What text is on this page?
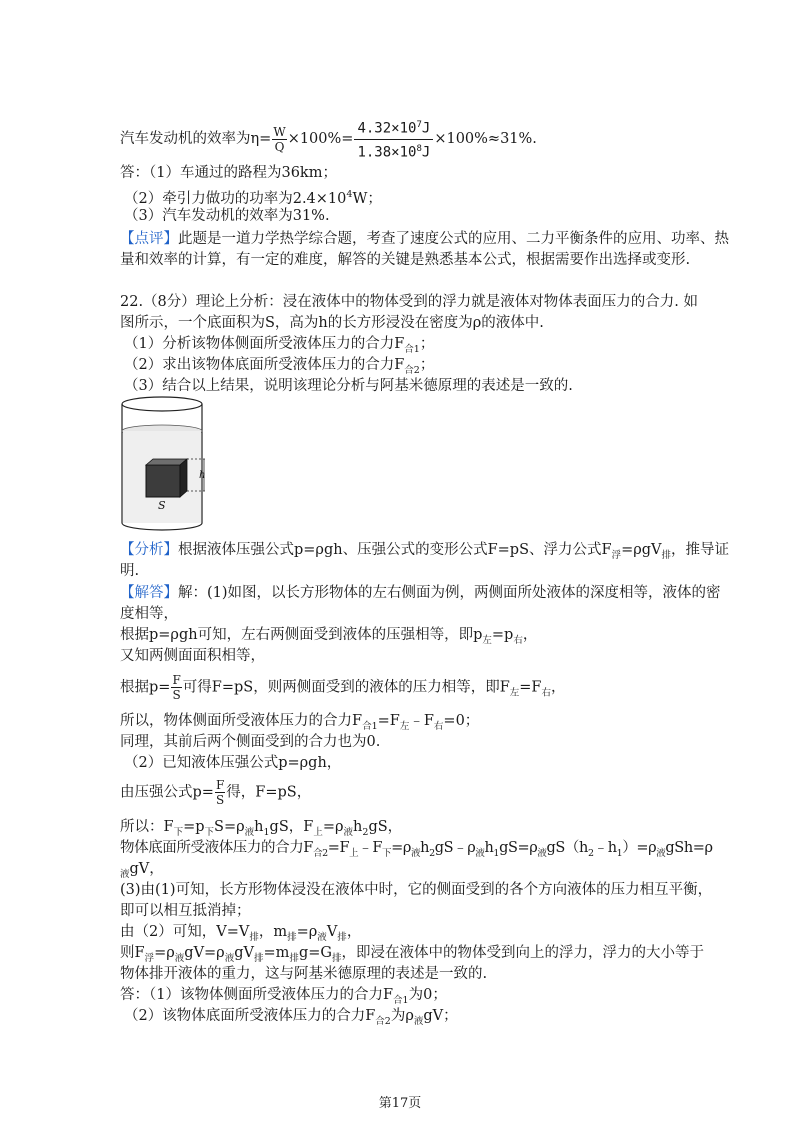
汽车发动机的效率为$\eta= \frac{W}{Q} \times 100\%= \frac{4.32\times 10^7J}{1.38\times 10^8J} \times 100\%\approx 31\%$.
答：（1）车通过的路程为36km；
（2）牵引力做功的功率为$2.4\times 10^4W$；
（3）汽车发动机的效率为31%.
【点评】此题是一道力学热学综合题，考查了速度公式的应用、二力平衡条件的应用、功率、热
量和效率的计算，有一定的难度，解答的关键是熟悉基本公式，根据需要作出选择或变形.
22.（8分）理论上分析：浸在液体中的物体受到的浮力就是液体对物体表面压力的合力. 如
图所示，一个底面积为S，高为h的长方形浸没在密度为ρ的液体中.
（1）分析该物体侧面所受液体压力的合力$F_{合1}$；
（2）求出该物体底面所受液体压力的合力$F_{合2}$；
（3）结合以上结果，说明该理论分析与阿基米德原理的表述是一致的.
h
S
【分析】根据液体压强公式p=ρgh、压强公式的变形公式F=pS、浮力公式$F_浮=\rho gV_排$，推导证
明.
【解答】解：(1)如图，以长方形物体的左右侧面为例，两侧面所处液体的深度相等，液体的密
度相等，
根据p=ρgh可知，左右两侧面受到液体的压强相等，即$p_左=p_右$，
又知两侧面面积相等，
根据$p= \frac{F}{S}$ 可得F=pS，则两侧面受到的液体的压力相等，即$F_左=F_右$，
所以，物体侧面所受液体压力的合力$F_{合1}=F_左﹣F_右=0$；
同理，其前后两个侧面受到的合力也为0.
（2）已知液体压强公式p=ρgh，
由压强公式$p= \frac{F}{S}$ 得，F=pS，
所以：$F_下=p_下S=\rho_液h_1gS$，$F_上=\rho_液h_2gS$，
物体底面所受液体压力的合力$F_{合2}=F_上﹣F_下=\rho_液h_2gS﹣\rho_液h_1gS=\rho_液gS(h_2﹣h_1)=\rho_液gSh=\rho$
$_液$gV，
(3)由(1)可知，长方形物体浸没在液体中时，它的侧面受到的各个方向液体的压力相互平衡，
即可以相互抵消掉；
由（2）可知，$V=V_排$，$m_排=\rho_液V_排$，
则$F_浮=\rho_液gV=\rho_液gV_排=m_排g=G_排$，即浸在液体中的物体受到向上的浮力，浮力的大小等于
物体排开液体的重力，这与阿基米德原理的表述是一致的.
答：（1）该物体侧面所受液体压力的合力$F_{合1}$为0；
（2）该物体底面所受液体压力的合力$F_{合2}$为$\rho_液gV$；
第17页
